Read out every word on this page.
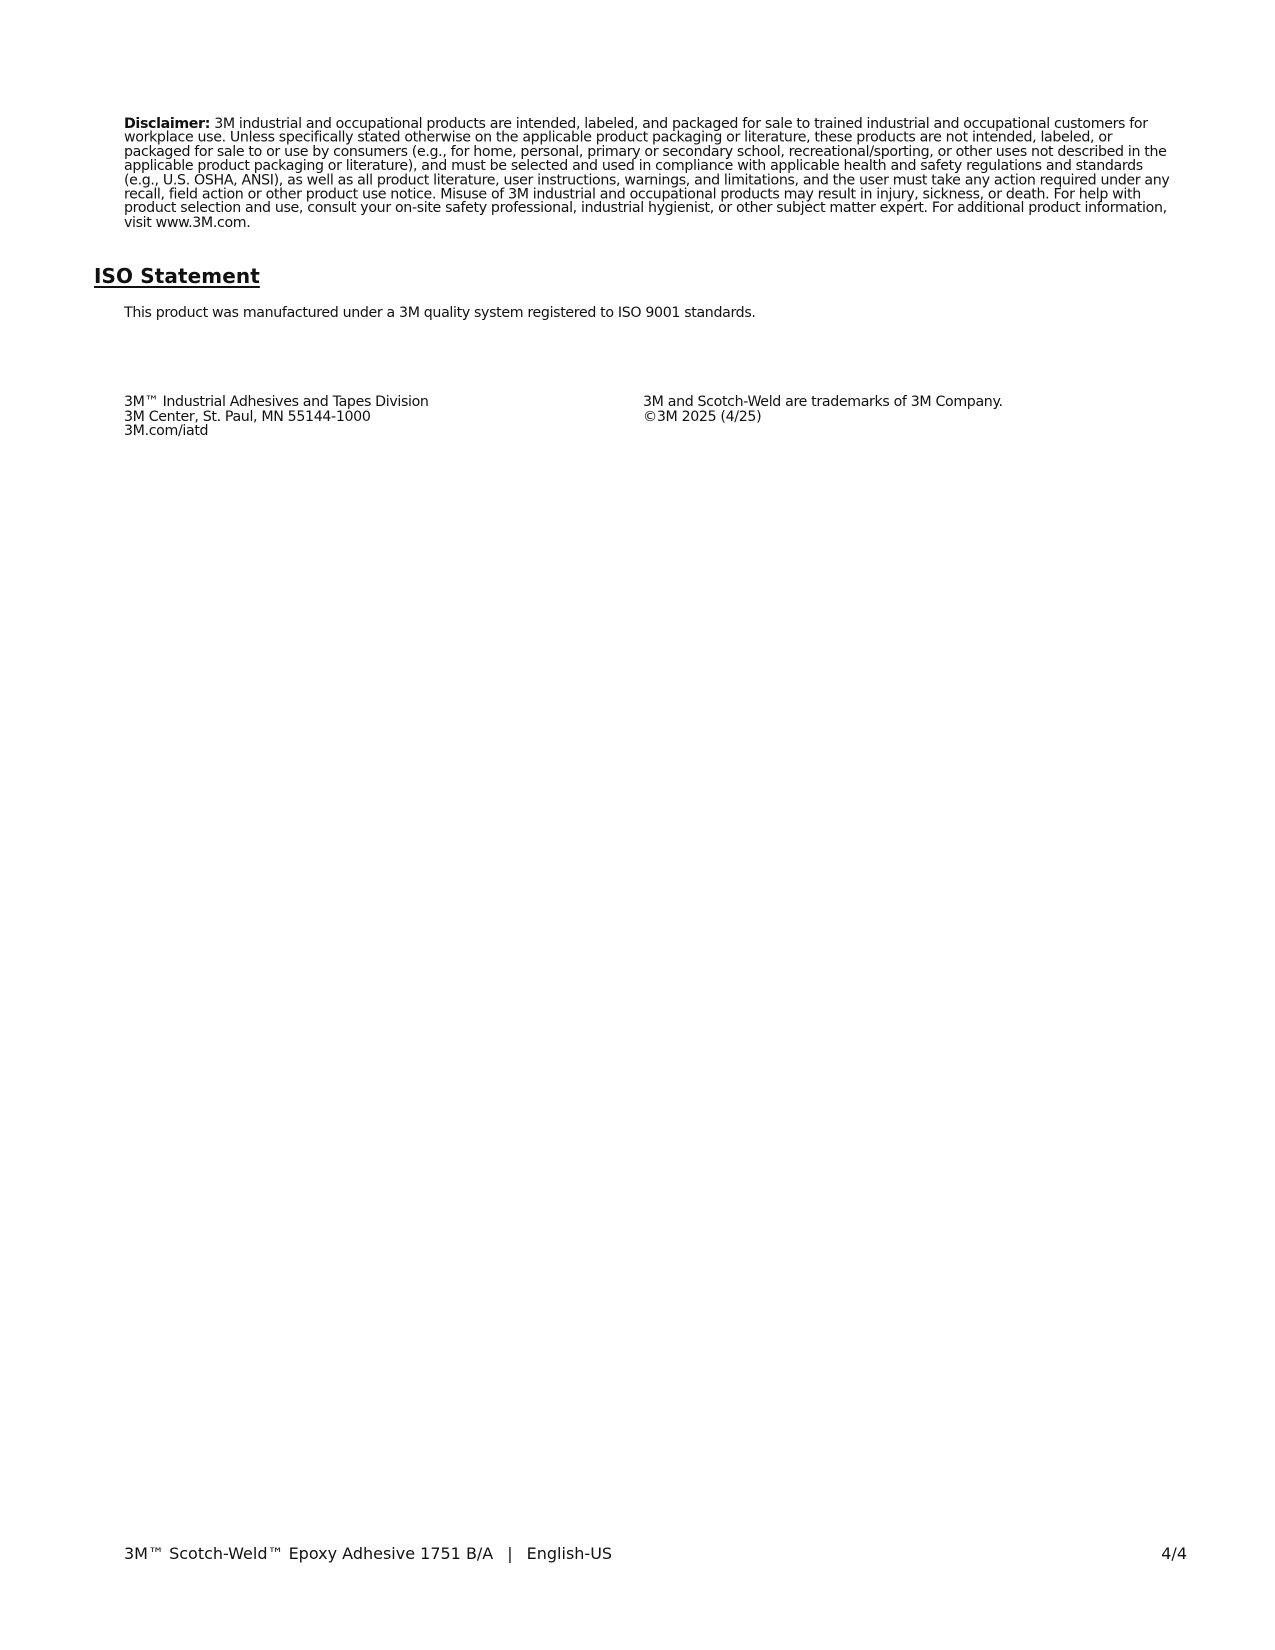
Disclaimer: 3M industrial and occupational products are intended, labeled, and packaged for sale to trained industrial and occupational customers for
workplace use. Unless specifically stated otherwise on the applicable product packaging or literature, these products are not intended, labeled, or
packaged for sale to or use by consumers (e.g., for home, personal, primary or secondary school, recreational/sporting, or other uses not described in the
applicable product packaging or literature), and must be selected and used in compliance with applicable health and safety regulations and standards
(e.g., U.S. OSHA, ANSI), as well as all product literature, user instructions, warnings, and limitations, and the user must take any action required under any
recall, field action or other product use notice. Misuse of 3M industrial and occupational products may result in injury, sickness, or death. For help with
product selection and use, consult your on-site safety professional, industrial hygienist, or other subject matter expert. For additional product information,
visit www.3M.com.
ISO Statement

This product was manufactured under a 3M quality system registered to ISO 9001 standards.

3M™ Industrial Adhesives and Tapes Division
3M Center, St. Paul, MN 55144-1000
3M.com/iatd
3M and Scotch-Weld are trademarks of 3M Company.
©3M 2025 (4/25)
3M™ Scotch-Weld™ Epoxy Adhesive 1751 B/A | English-US	4/4
